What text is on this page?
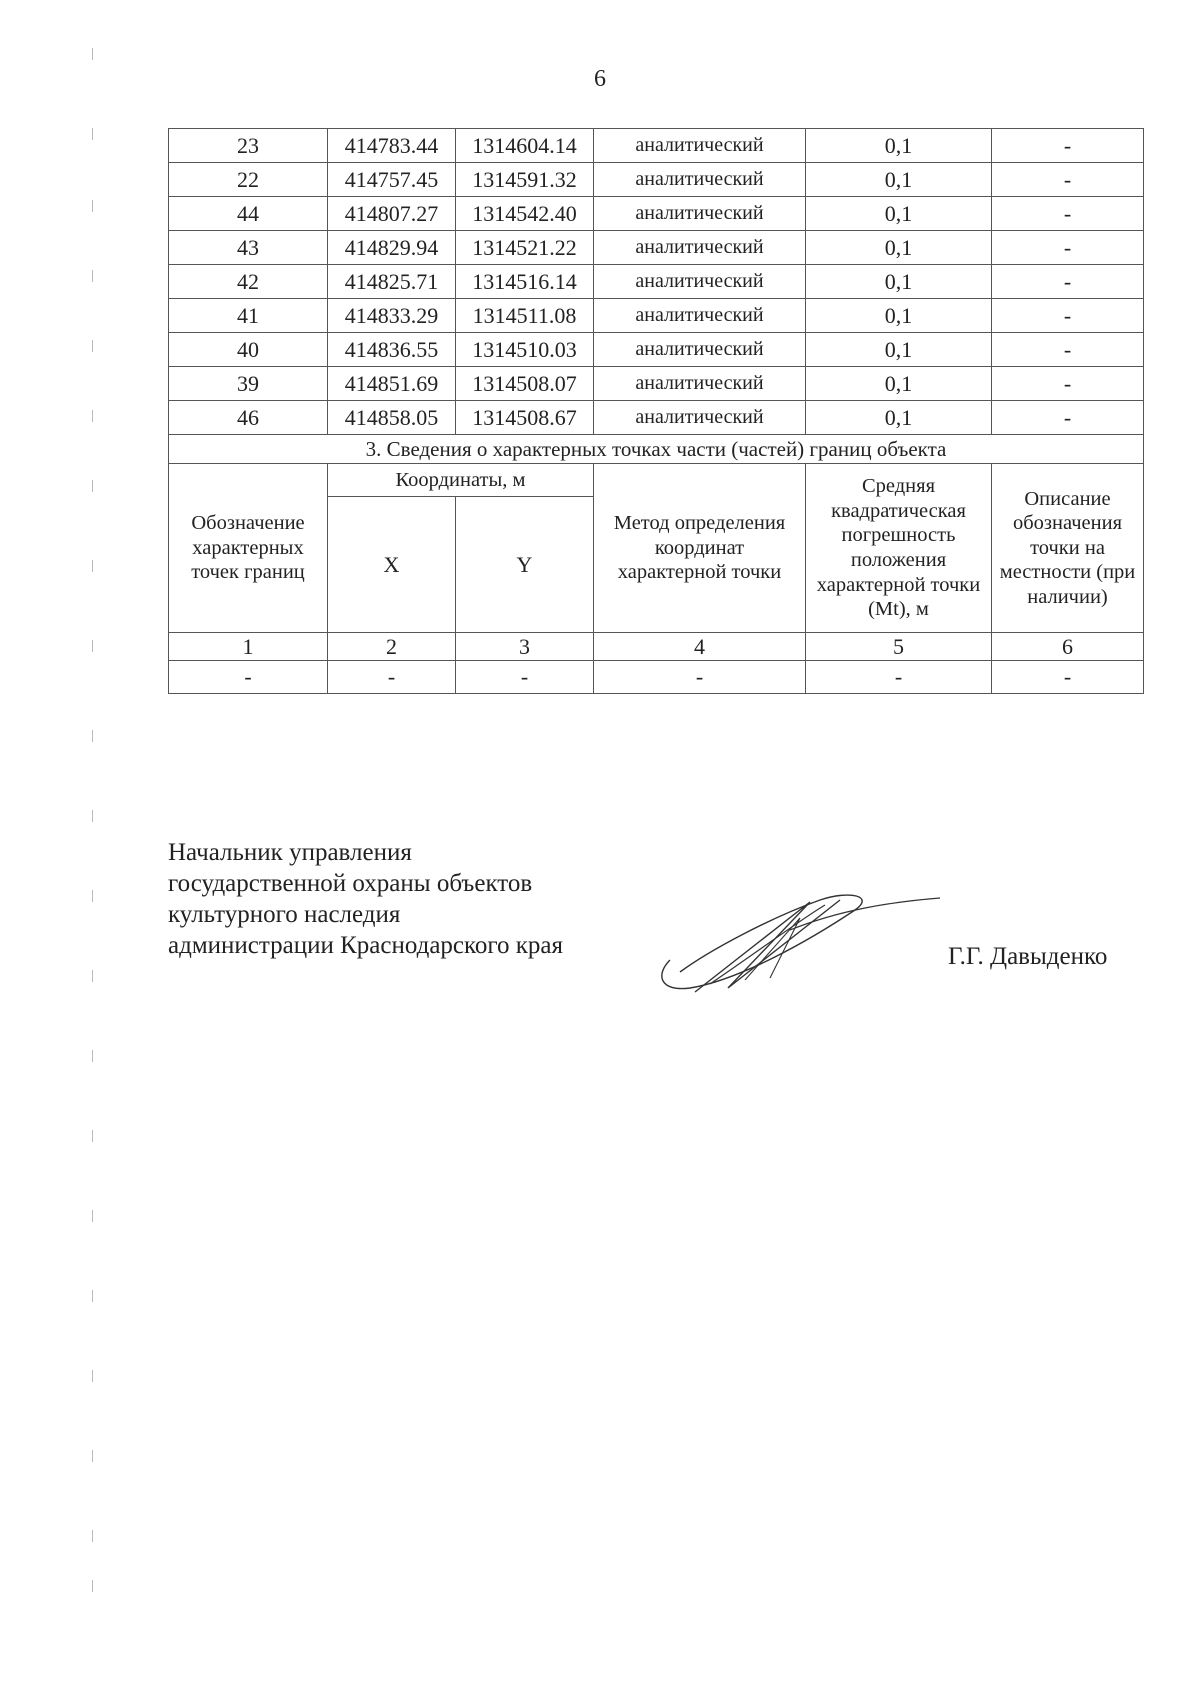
6
23	414783.44	1314604.14	аналитический	0,1	-
22	414757.45	1314591.32	аналитический	0,1	-
44	414807.27	1314542.40	аналитический	0,1	-
43	414829.94	1314521.22	аналитический	0,1	-
42	414825.71	1314516.14	аналитический	0,1	-
41	414833.29	1314511.08	аналитический	0,1	-
40	414836.55	1314510.03	аналитический	0,1	-
39	414851.69	1314508.07	аналитический	0,1	-
46	414858.05	1314508.67	аналитический	0,1	-
3. Сведения о характерных точках части (частей) границ объекта					
Обозначение характерных точек границ	Координаты, м		Метод определения координат характерной точки	Средняя квадратическая погрешность положения характерной точки (Mt), м	Описание обозначения точки на местности (при наличии)
	X	Y			
1	2	3	4	5	6
-	-	-	-	-	-
Начальник управления
государственной охраны объектов
культурного наследия
администрации Краснодарского края	Г.Г. Давыденко
